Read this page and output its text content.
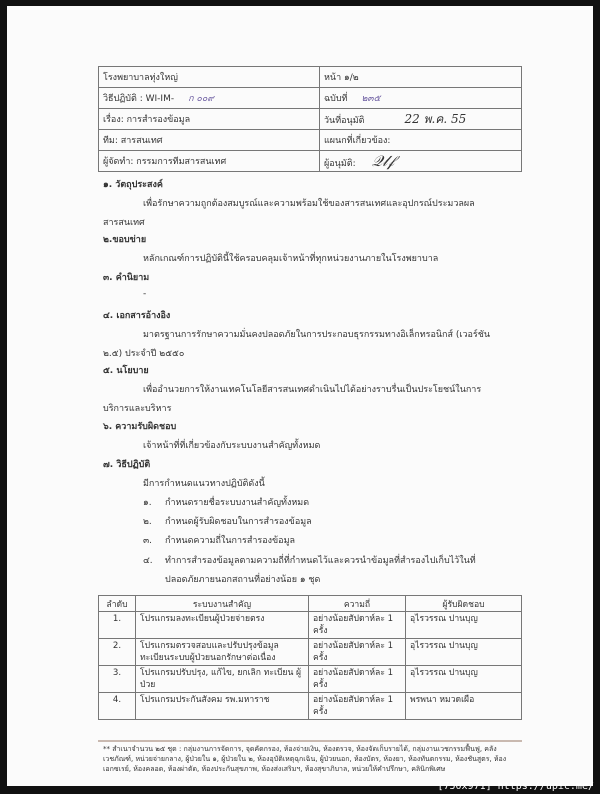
โรงพยาบาลทุ่งใหญ่	หน้า ๑/๒
วิธีปฏิบัติ : WI-IM- ก ๐๐๙	ฉบับที่ ๒๓๕
เรื่อง: การสำรองข้อมูล	วันที่อนุมัติ 22 พ.ค. 55
ทีม: สารสนเทศ	แผนกที่เกี่ยวข้อง:
ผู้จัดทำ: กรรมการทีมสารสนเทศ	ผู้อนุมัติ: 𝒬𝓁𝒻
๑. วัตถุประสงค์
เพื่อรักษาความถูกต้องสมบูรณ์และความพร้อมใช้ของสารสนเทศและอุปกรณ์ประมวลผล
สารสนเทศ
๒.ขอบข่าย
หลักเกณฑ์การปฏิบัตินี้ใช้ครอบคลุมเจ้าหน้าที่ทุกหน่วยงานภายในโรงพยาบาล
๓. คำนิยาม
-
๔. เอกสารอ้างอิง
มาตรฐานการรักษาความมั่นคงปลอดภัยในการประกอบธุรกรรมทางอิเล็กทรอนิกส์ (เวอร์ชัน
๒.๕) ประจำปี ๒๕๕๐
๕. นโยบาย
เพื่ออำนวยการให้งานเทคโนโลยีสารสนเทศดำเนินไปได้อย่างราบรื่นเป็นประโยชน์ในการ
บริการและบริหาร
๖. ความรับผิดชอบ
เจ้าหน้าที่ที่เกี่ยวข้องกับระบบงานสำคัญทั้งหมด
๗. วิธีปฏิบัติ
มีการกำหนดแนวทางปฏิบัติดังนี้
๑. กำหนดรายชื่อระบบงานสำคัญทั้งหมด
๒. กำหนดผู้รับผิดชอบในการสำรองข้อมูล
๓. กำหนดความถี่ในการสำรองข้อมูล
ลำดับ	ระบบงานสำคัญ	ความถี่	ผู้รับผิดชอบ
1.	โปรแกรมลงทะเบียนผู้ป่วยจ่ายตรง	อย่างน้อยสัปดาห์ละ 1 ครั้ง	อุไรวรรณ ปานบุญ
2.	โปรแกรมตรวจสอบและปรับปรุงข้อมูล ทะเบียนระบบผู้ป่วยนอกรักษาต่อเนื่อง	อย่างน้อยสัปดาห์ละ 1 ครั้ง	อุไรวรรณ ปานบุญ
3.	โปรแกรมปรับปรุง, แก้ไข, ยกเลิก ทะเบียน ผู้ป่วย	อย่างน้อยสัปดาห์ละ 1 ครั้ง	อุไรวรรณ ปานบุญ
4.	โปรแกรมประกันสังคม รพ.มหาราช	อย่างน้อยสัปดาห์ละ 1 ครั้ง	พรพนา หมวดเผือ
** สำเนาจำนวน ๒๕ ชุด : กลุ่มงานการจัดการ, จุดคัดกรอง, ห้องจ่ายเงิน, ห้องตรวจ, ห้องจัดเก็บรายได้, กลุ่มงานเวชกรรมฟื้นฟู, คลังเวชภัณฑ์, หน่วยจ่ายกลาง, ผู้ป่วยใน ๑, ผู้ป่วยใน ๒, ห้องอุบัติเหตุฉุกเฉิน, ผู้ป่วยนอก, ห้องบัตร, ห้องยา, ห้องทันตกรรม, ห้องชันสูตร, ห้องเอกซเรย์, ห้องคลอด, ห้องผ่าตัด, ห้องประกันสุขภาพ, ห้องส่งเสริมฯ, ห้องสุขาภิบาล, หน่วยให้คำปรึกษา, คลินิกพิเศษ
[750x971] https://upic.me/
๔. ทำการสำรองข้อมูลตามความถี่ที่กำหนดไว้และควรนำข้อมูลที่สำรองไปเก็บไว้ในที่
ปลอดภัยภายนอกสถานที่อย่างน้อย ๑ ชุด
